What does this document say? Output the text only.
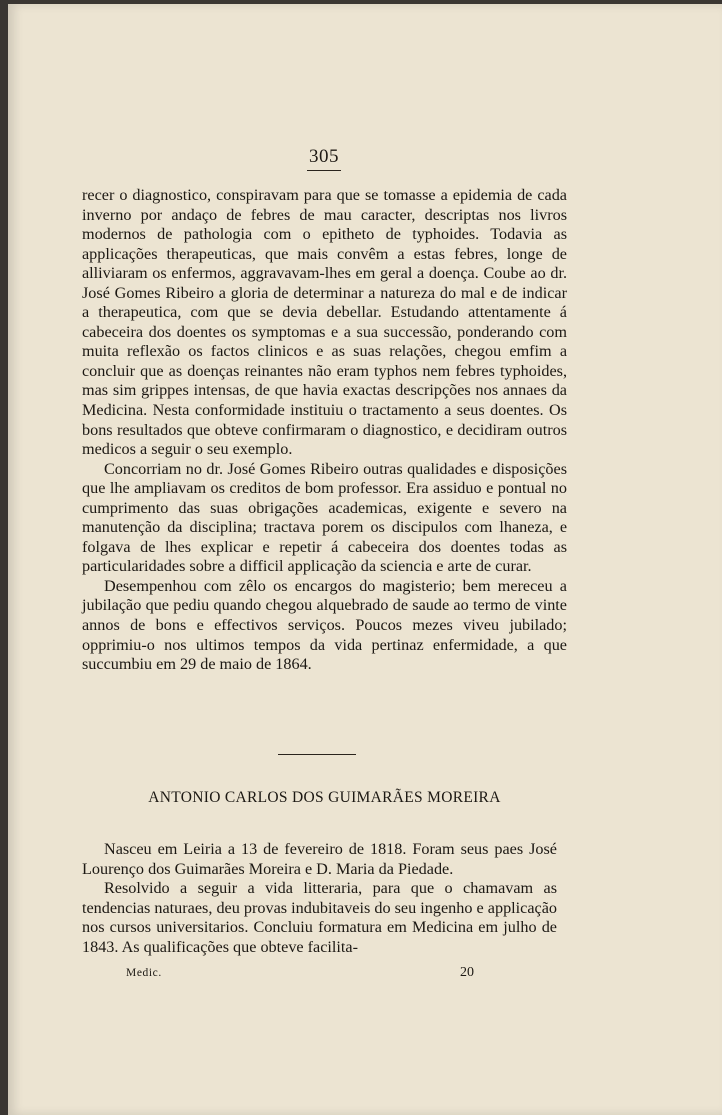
305

recer o diagnostico, conspiravam para que se tomasse a epidemia de cada inverno por andaço de febres de mau caracter, descriptas nos livros modernos de pathologia com o epitheto de typhoides. Todavia as applicações therapeuticas, que mais convêm a estas febres, longe de alliviaram os enfermos, aggravavam-lhes em geral a doença. Coube ao dr. José Gomes Ribeiro a gloria de determinar a natureza do mal e de indicar a therapeutica, com que se devia debellar. Estudando attentamente á cabeceira dos doentes os symptomas e a sua successão, ponderando com muita reflexão os factos clinicos e as suas relações, chegou emfim a concluir que as doenças reinantes não eram typhos nem febres typhoides, mas sim grippes intensas, de que havia exactas descripções nos annaes da Medicina. Nesta conformidade instituiu o tractamento a seus doentes. Os bons resultados que obteve confirmaram o diagnostico, e decidiram outros medicos a seguir o seu exemplo.

Concorriam no dr. José Gomes Ribeiro outras qualidades e disposições que lhe ampliavam os creditos de bom professor. Era assiduo e pontual no cumprimento das suas obrigações academicas, exigente e severo na manutenção da disciplina; tractava porem os discipulos com lhaneza, e folgava de lhes explicar e repetir á cabeceira dos doentes todas as particularidades sobre a difficil applicação da sciencia e arte de curar.

Desempenhou com zêlo os encargos do magisterio; bem mereceu a jubilação que pediu quando chegou alquebrado de saude ao termo de vinte annos de bons e effectivos serviços. Poucos mezes viveu jubilado; opprimiu-o nos ultimos tempos da vida pertinaz enfermidade, a que succumbiu em 29 de maio de 1864.

ANTONIO CARLOS DOS GUIMARÃES MOREIRA

Nasceu em Leiria a 13 de fevereiro de 1818. Foram seus paes José Lourenço dos Guimarães Moreira e D. Maria da Piedade.

Resolvido a seguir a vida litteraria, para que o chamavam as tendencias naturaes, deu provas indubitaveis do seu ingenho e applicação nos cursos universitarios. Concluiu formatura em Medicina em julho de 1843. As qualificações que obteve facilita-

Medic.	20
